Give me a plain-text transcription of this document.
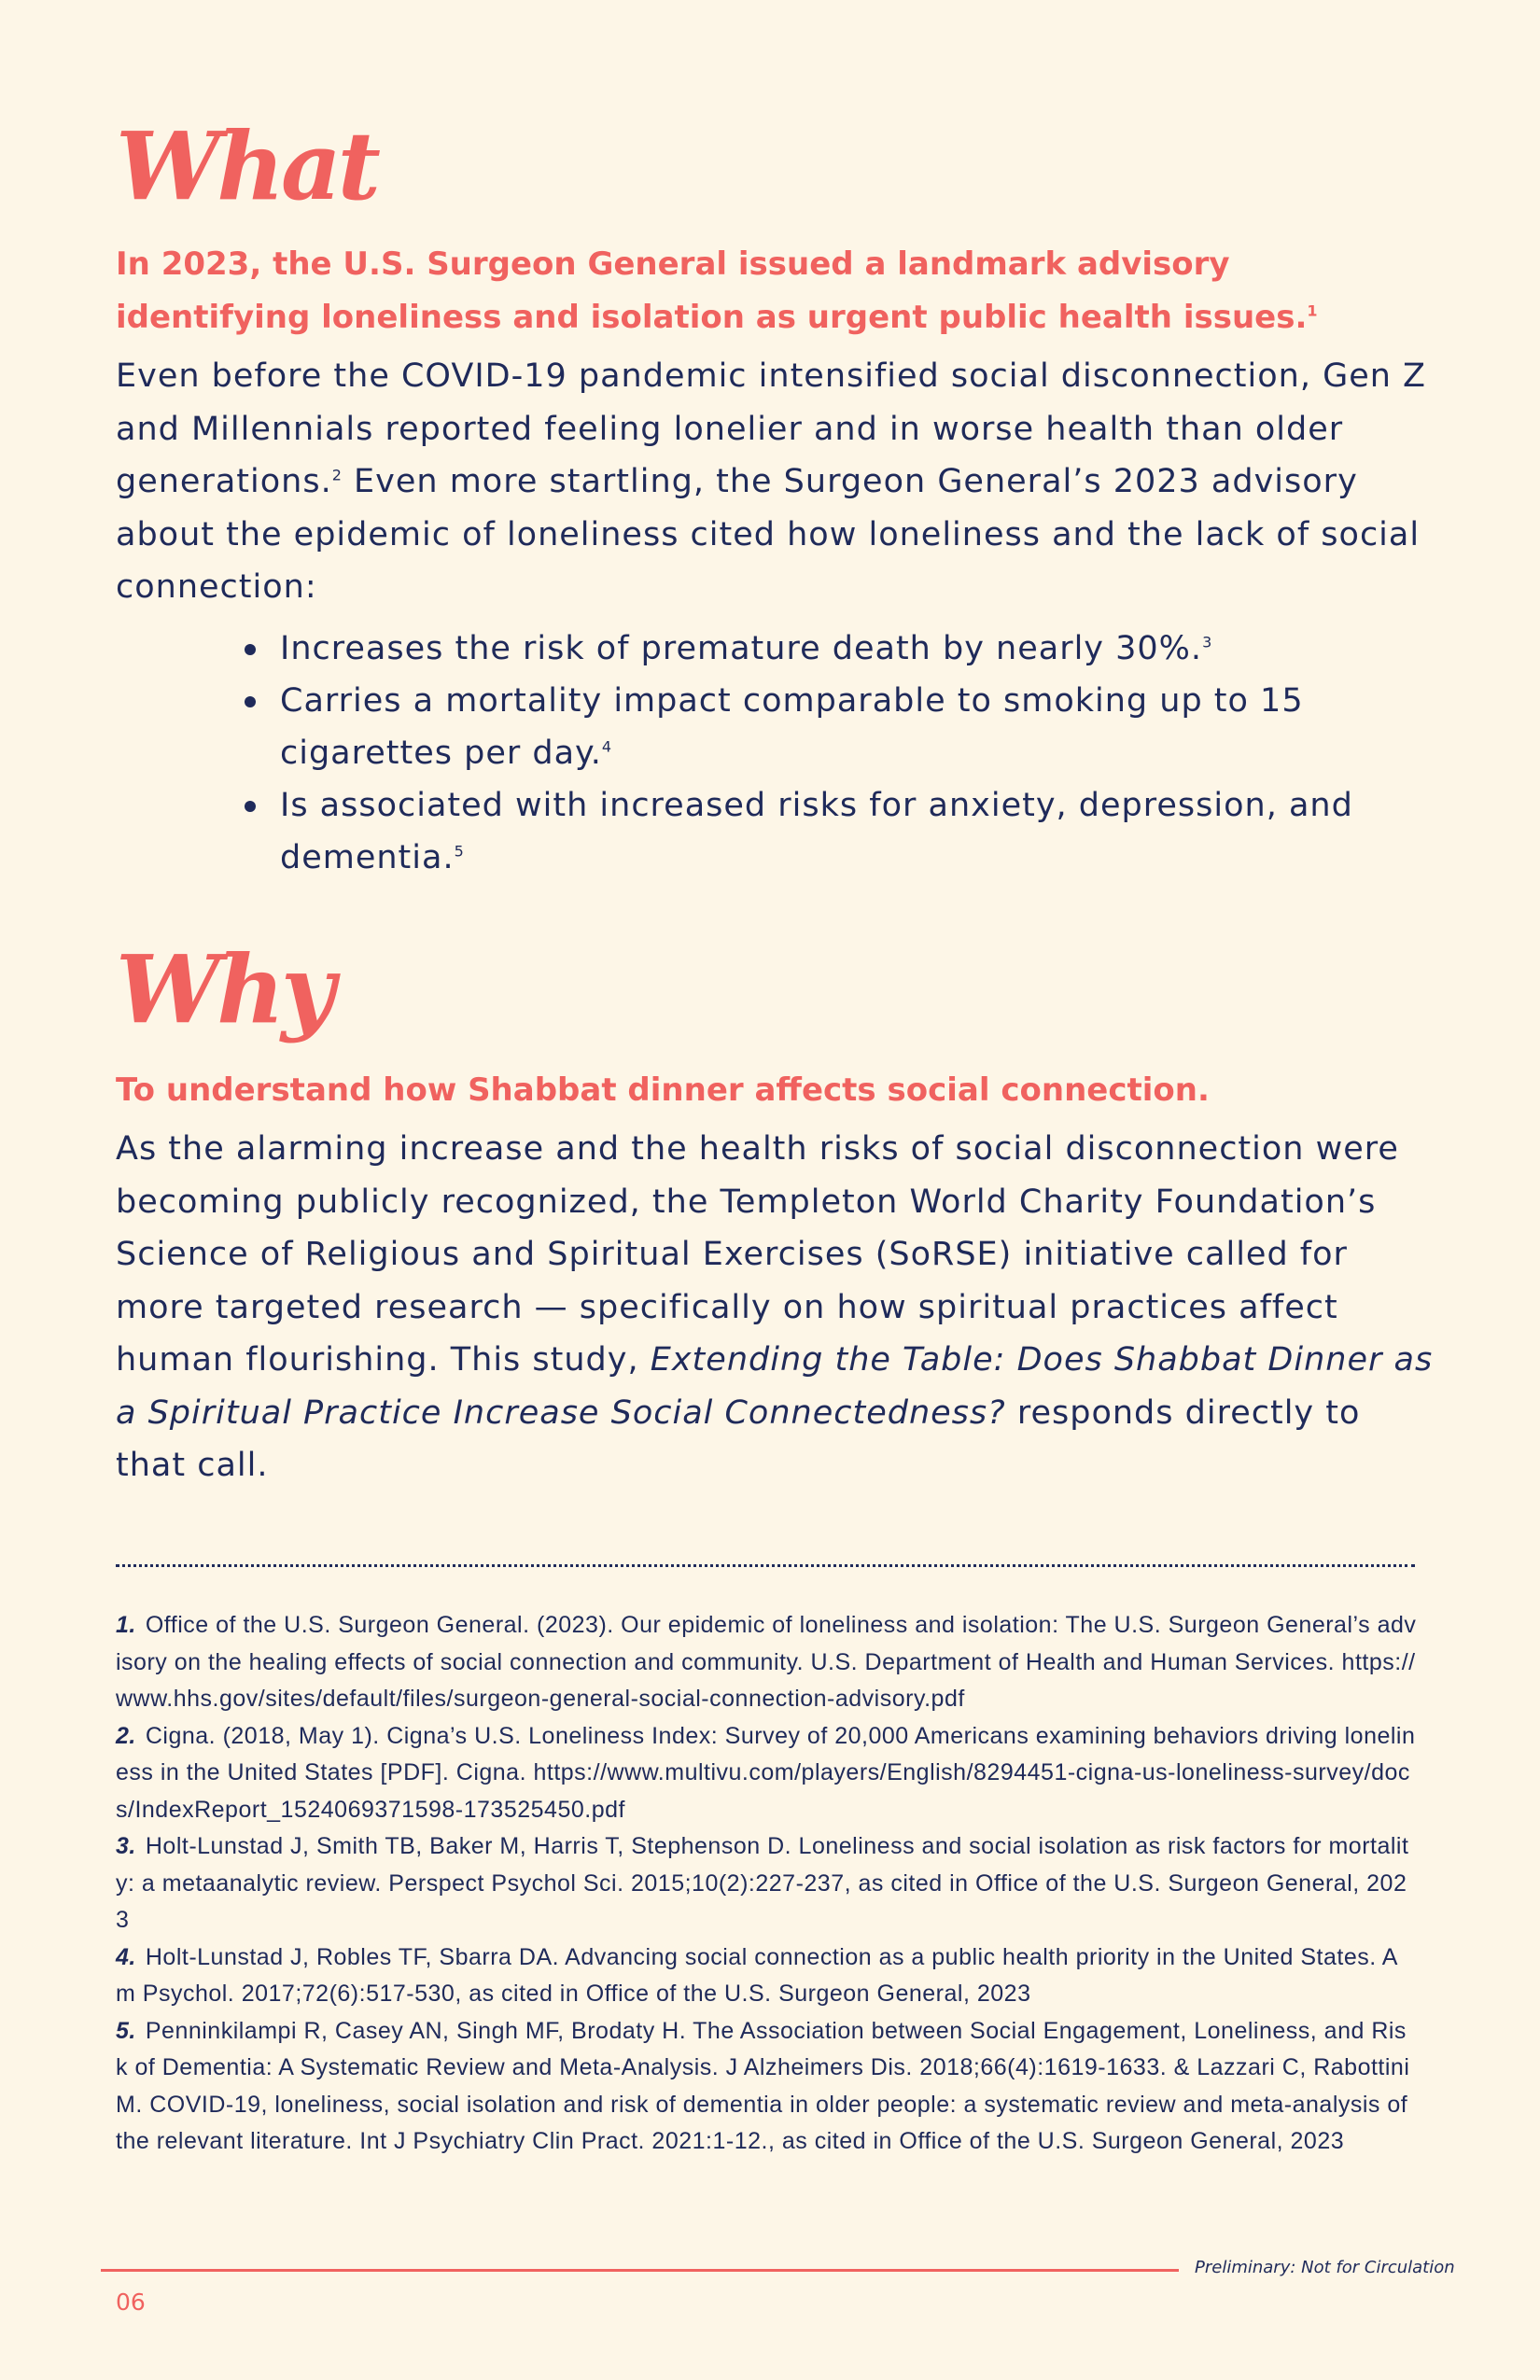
What

In 2023, the U.S. Surgeon General issued a landmark advisory identifying loneliness and isolation as urgent public health issues.$^1$

Even before the COVID-19 pandemic intensified social disconnection, Gen Z and Millennials reported feeling lonelier and in worse health than older generations.$^2$ Even more startling, the Surgeon General’s 2023 advisory about the epidemic of loneliness cited how loneliness and the lack of social connection:

Increases the risk of premature death by nearly 30%.$^3$
Carries a mortality impact comparable to smoking up to 15 cigarettes per day.$^4$
Is associated with increased risks for anxiety, depression, and dementia.$^5$
Why

To understand how Shabbat dinner affects social connection.

As the alarming increase and the health risks of social disconnection were becoming publicly recognized, the Templeton World Charity Foundation’s Science of Religious and Spiritual Exercises (SoRSE) initiative called for more targeted research — specifically on how spiritual practices affect human flourishing. This study, Extending the Table: Does Shabbat Dinner as a Spiritual Practice Increase Social Connectedness? responds directly to that call.

1. Office of the U.S. Surgeon General. (2023). Our epidemic of loneliness and isolation: The U.S. Surgeon General’s advisory on the healing effects of social connection and community. U.S. Department of Health and Human Services. https://www.hhs.gov/sites/default/files/surgeon-general-social-connection-advisory.pdf

2. Cigna. (2018, May 1). Cigna’s U.S. Loneliness Index: Survey of 20,000 Americans examining behaviors driving loneliness in the United States [PDF]. Cigna. https://www.multivu.com/players/English/8294451-cigna-us-loneliness-survey/docs/IndexReport_1524069371598-173525450.pdf

3. Holt-Lunstad J, Smith TB, Baker M, Harris T, Stephenson D. Loneliness and social isolation as risk factors for mortality: a metaanalytic review. Perspect Psychol Sci. 2015;10(2):227-237, as cited in Office of the U.S. Surgeon General, 2023

4. Holt-Lunstad J, Robles TF, Sbarra DA. Advancing social connection as a public health priority in the United States. Am Psychol. 2017;72(6):517-530, as cited in Office of the U.S. Surgeon General, 2023

5. Penninkilampi R, Casey AN, Singh MF, Brodaty H. The Association between Social Engagement, Loneliness, and Risk of Dementia: A Systematic Review and Meta-Analysis. J Alzheimers Dis. 2018;66(4):1619-1633. & Lazzari C, Rabottini M. COVID-19, loneliness, social isolation and risk of dementia in older people: a systematic review and meta-analysis of the relevant literature. Int J Psychiatry Clin Pract. 2021:1-12., as cited in Office of the U.S. Surgeon General, 2023

Preliminary: Not for Circulation

06
